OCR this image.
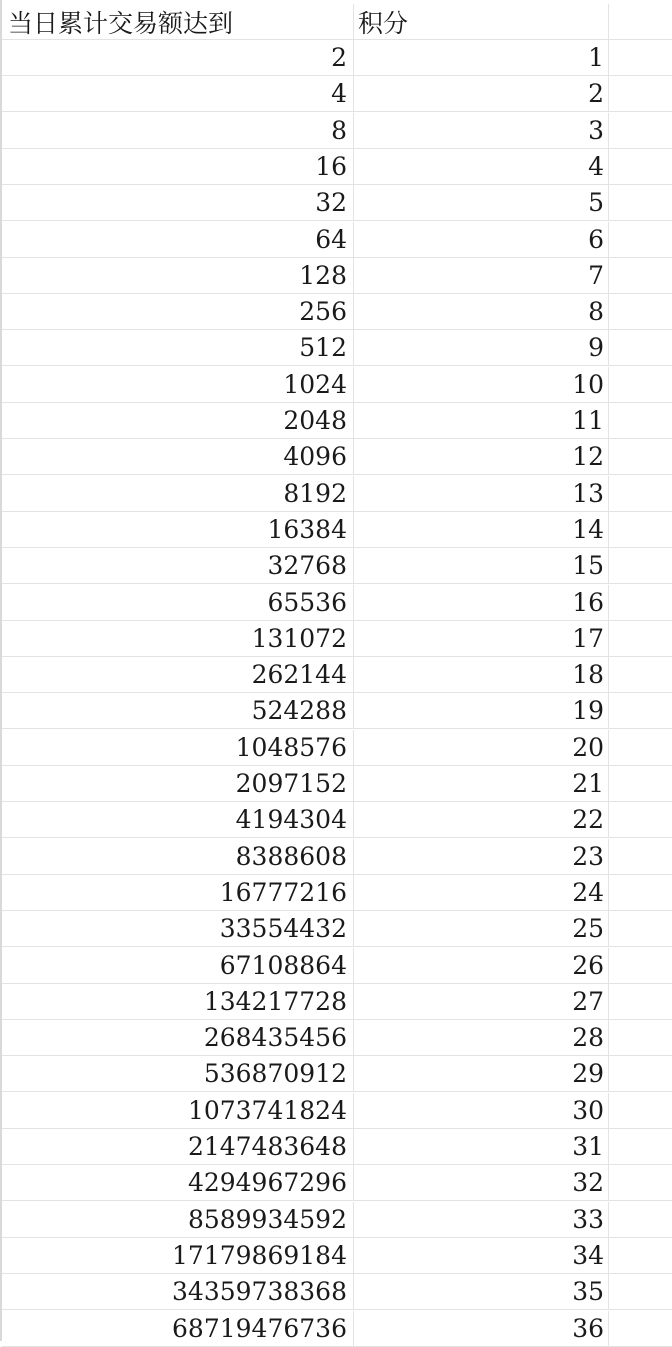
当日累计交易额达到	积分
2	1
4	2
8	3
16	4
32	5
64	6
128	7
256	8
512	9
1024	10
2048	11
4096	12
8192	13
16384	14
32768	15
65536	16
131072	17
262144	18
524288	19
1048576	20
2097152	21
4194304	22
8388608	23
16777216	24
33554432	25
67108864	26
134217728	27
268435456	28
536870912	29
1073741824	30
2147483648	31
4294967296	32
8589934592	33
17179869184	34
34359738368	35
68719476736	36
